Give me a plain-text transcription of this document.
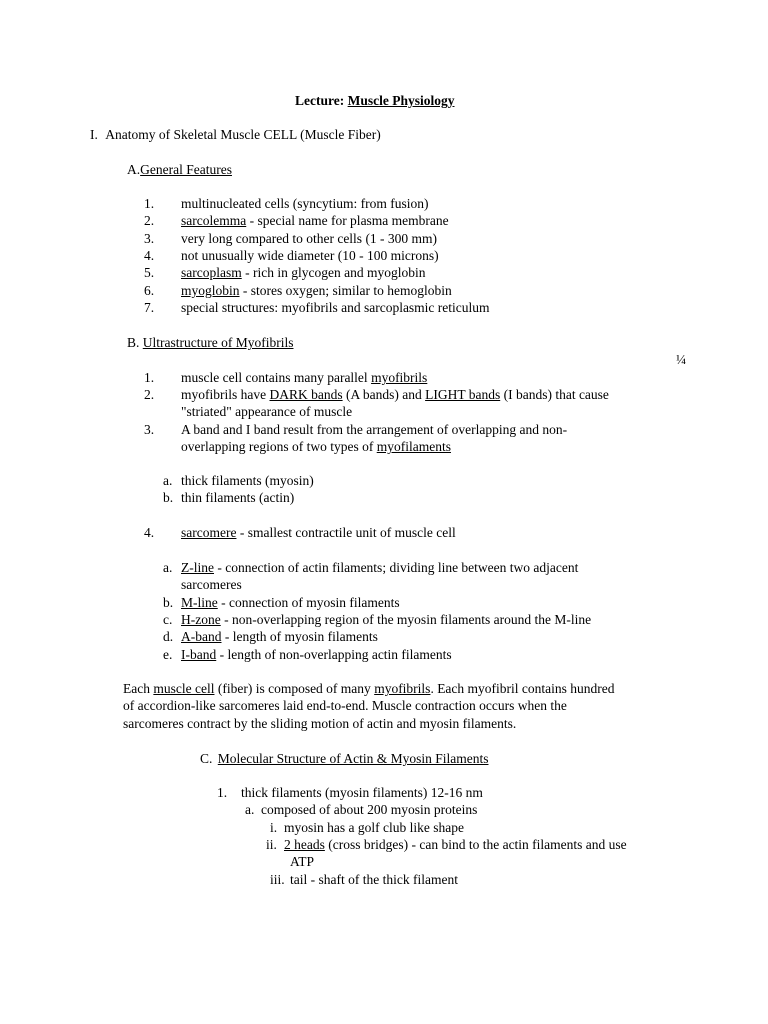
Lecture: Muscle Physiology
I. Anatomy of Skeletal Muscle CELL (Muscle Fiber)
A.General Features
1. multinucleated cells (syncytium: from fusion)
2. sarcolemma - special name for plasma membrane
3. very long compared to other cells (1 - 300 mm)
4. not unusually wide diameter (10 - 100 microns)
5. sarcoplasm - rich in glycogen and myoglobin
6. myoglobin - stores oxygen; similar to hemoglobin
7. special structures: myofibrils and sarcoplasmic reticulum
B. Ultrastructure of Myofibrils
¼
1. muscle cell contains many parallel myofibrils
2. myofibrils have DARK bands (A bands) and LIGHT bands (I bands) that cause
"striated" appearance of muscle
3. A band and I band result from the arrangement of overlapping and non-
overlapping regions of two types of myofilaments
a. thick filaments (myosin)
b. thin filaments (actin)
4. sarcomere - smallest contractile unit of muscle cell
a. Z-line - connection of actin filaments; dividing line between two adjacent
sarcomeres
b. M-line - connection of myosin filaments
c. H-zone - non-overlapping region of the myosin filaments around the M-line
d. A-band - length of myosin filaments
e. I-band - length of non-overlapping actin filaments
Each muscle cell (fiber) is composed of many myofibrils. Each myofibril contains hundred
of accordion-like sarcomeres laid end-to-end. Muscle contraction occurs when the
sarcomeres contract by the sliding motion of actin and myosin filaments.
C. Molecular Structure of Actin & Myosin Filaments
1. thick filaments (myosin filaments) 12-16 nm
a. composed of about 200 myosin proteins
i. myosin has a golf club like shape
ii. 2 heads (cross bridges) - can bind to the actin filaments and use
ATP
iii. tail - shaft of the thick filament
